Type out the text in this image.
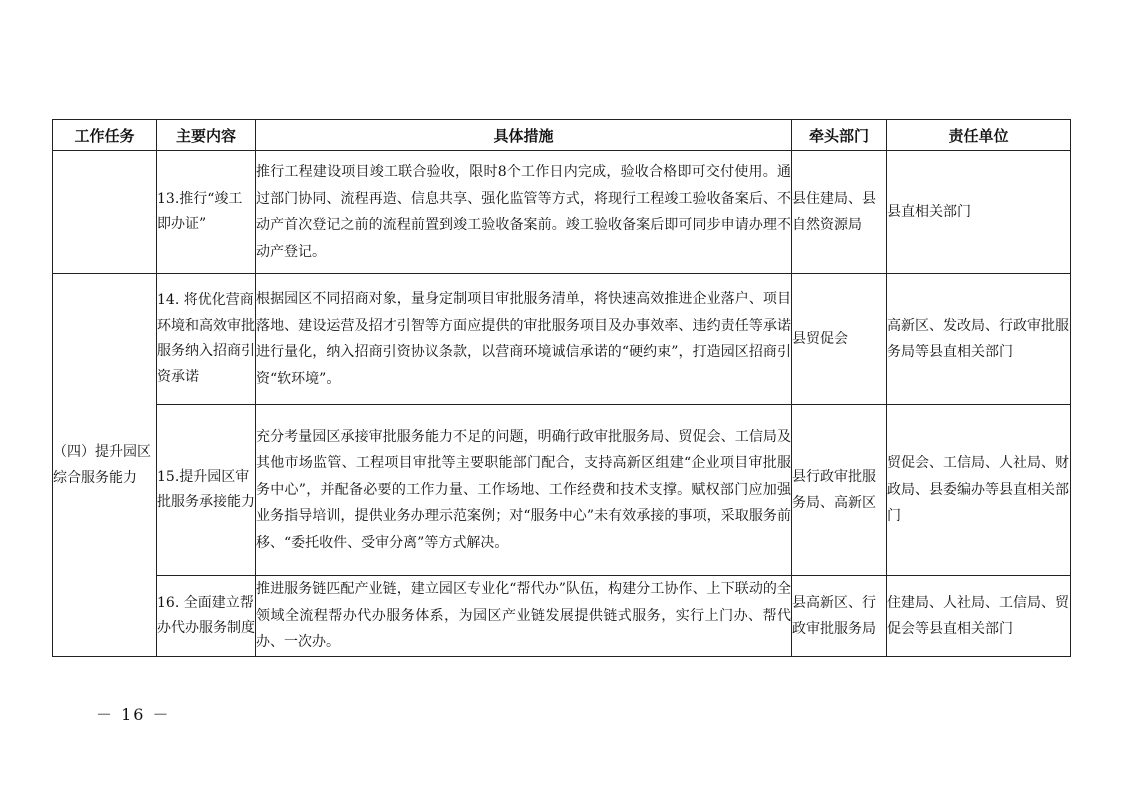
工作任务	主要内容	具体措施	牵头部门	责任单位
	13.推行“竣工即办证”	推行工程建设项目竣工联合验收，限时8个工作日内完成，验收合格即可交付使用。通过部门协同、流程再造、信息共享、强化监管等方式，将现行工程竣工验收备案后、不动产首次登记之前的流程前置到竣工验收备案前。竣工验收备案后即可同步申请办理不动产登记。	县住建局、县自然资源局	县直相关部门
（四）提升园区综合服务能力	14. 将优化营商环境和高效审批服务纳入招商引资承诺	根据园区不同招商对象，量身定制项目审批服务清单，将快速高效推进企业落户、项目落地、建设运营及招才引智等方面应提供的审批服务项目及办事效率、违约责任等承诺进行量化，纳入招商引资协议条款，以营商环境诚信承诺的“硬约束”，打造园区招商引资“软环境”。	县贸促会	高新区、发改局、行政审批服务局等县直相关部门
	15.提升园区审批服务承接能力	充分考量园区承接审批服务能力不足的问题，明确行政审批服务局、贸促会、工信局及其他市场监管、工程项目审批等主要职能部门配合，支持高新区组建“企业项目审批服务中心”，并配备必要的工作力量、工作场地、工作经费和技术支撑。赋权部门应加强业务指导培训，提供业务办理示范案例；对“服务中心”未有效承接的事项，采取服务前移、“委托收件、受审分离”等方式解决。	县行政审批服务局、高新区	贸促会、工信局、人社局、财政局、县委编办等县直相关部门
	16. 全面建立帮办代办服务制度	推进服务链匹配产业链，建立园区专业化“帮代办”队伍，构建分工协作、上下联动的全领域全流程帮办代办服务体系，为园区产业链发展提供链式服务，实行上门办、帮代办、一次办。	县高新区、行政审批服务局	住建局、人社局、工信局、贸促会等县直相关部门
－ 16 －
